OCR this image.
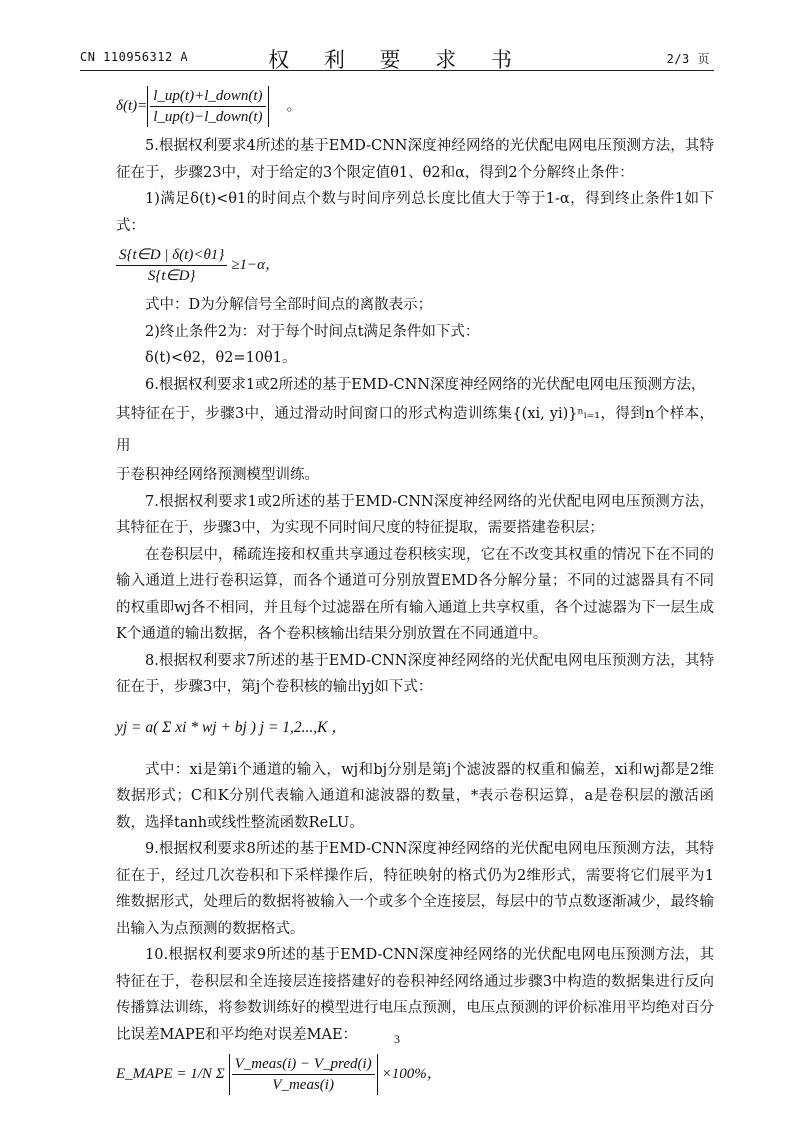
CN 110956312 A	权 利 要 求 书	2/3 页
$\delta(t)= \frac{\text{l\_up(t)+l\_down(t)}}{\text{l\_up(t)−l\_down(t)}}$ 。

5.根据权利要求4所述的基于EMD-CNN深度神经网络的光伏配电网电压预测方法，其特征在于，步骤23中，对于给定的3个限定值θ1、θ2和α，得到2个分解终止条件：

1)满足δ(t)<θ1的时间点个数与时间序列总长度比值大于等于1-α，得到终止条件1如下式：

$\frac{S\{t\in D | \delta(t)<\theta 1\}}{S\{t\in D\}} \ge 1-\alpha$，

式中：D为分解信号全部时间点的离散表示；

2)终止条件2为：对于每个时间点t满足条件如下式：

δ(t)<θ2，θ2=10θ1。

6.根据权利要求1或2所述的基于EMD-CNN深度神经网络的光伏配电网电压预测方法，

其特征在于，步骤3中，通过滑动时间窗口的形式构造训练集{(xi, yi)}ⁿᵢ₌₁，得到n个样本，用

于卷积神经网络预测模型训练。

7.根据权利要求1或2所述的基于EMD-CNN深度神经网络的光伏配电网电压预测方法，其特征在于，步骤3中，为实现不同时间尺度的特征提取，需要搭建卷积层；

在卷积层中，稀疏连接和权重共享通过卷积核实现，它在不改变其权重的情况下在不同的输入通道上进行卷积运算，而各个通道可分别放置EMD各分解分量；不同的过滤器具有不同的权重即wj各不相同，并且每个过滤器在所有输入通道上共享权重，各个过滤器为下一层生成K个通道的输出数据，各个卷积核输出结果分别放置在不同通道中。

8.根据权利要求7所述的基于EMD-CNN深度神经网络的光伏配电网电压预测方法，其特征在于，步骤3中，第j个卷积核的输出yj如下式：

yj = a( Σ xi * wj + bj ) j = 1,2...,K ，

式中：xi是第i个通道的输入，wj和bj分别是第j个滤波器的权重和偏差，xi和wj都是2维数据形式；C和K分别代表输入通道和滤波器的数量，*表示卷积运算，a是卷积层的激活函数，选择tanh或线性整流函数ReLU。

9.根据权利要求8所述的基于EMD-CNN深度神经网络的光伏配电网电压预测方法，其特征在于，经过几次卷积和下采样操作后，特征映射的格式仍为2维形式，需要将它们展平为1维数据形式，处理后的数据将被输入一个或多个全连接层，每层中的节点数逐渐减少，最终输出输入为点预测的数据格式。

10.根据权利要求9所述的基于EMD-CNN深度神经网络的光伏配电网电压预测方法，其特征在于，卷积层和全连接层连接搭建好的卷积神经网络通过步骤3中构造的数据集进行反向传播算法训练，将参数训练好的模型进行电压点预测，电压点预测的评价标准用平均绝对百分比误差MAPE和平均绝对误差MAE：

E_MAPE = 1/N Σ $\frac{\text{V\_meas(i) − V\_pred(i)}}{\text{V\_meas(i)}} \times 100\%$，
3
